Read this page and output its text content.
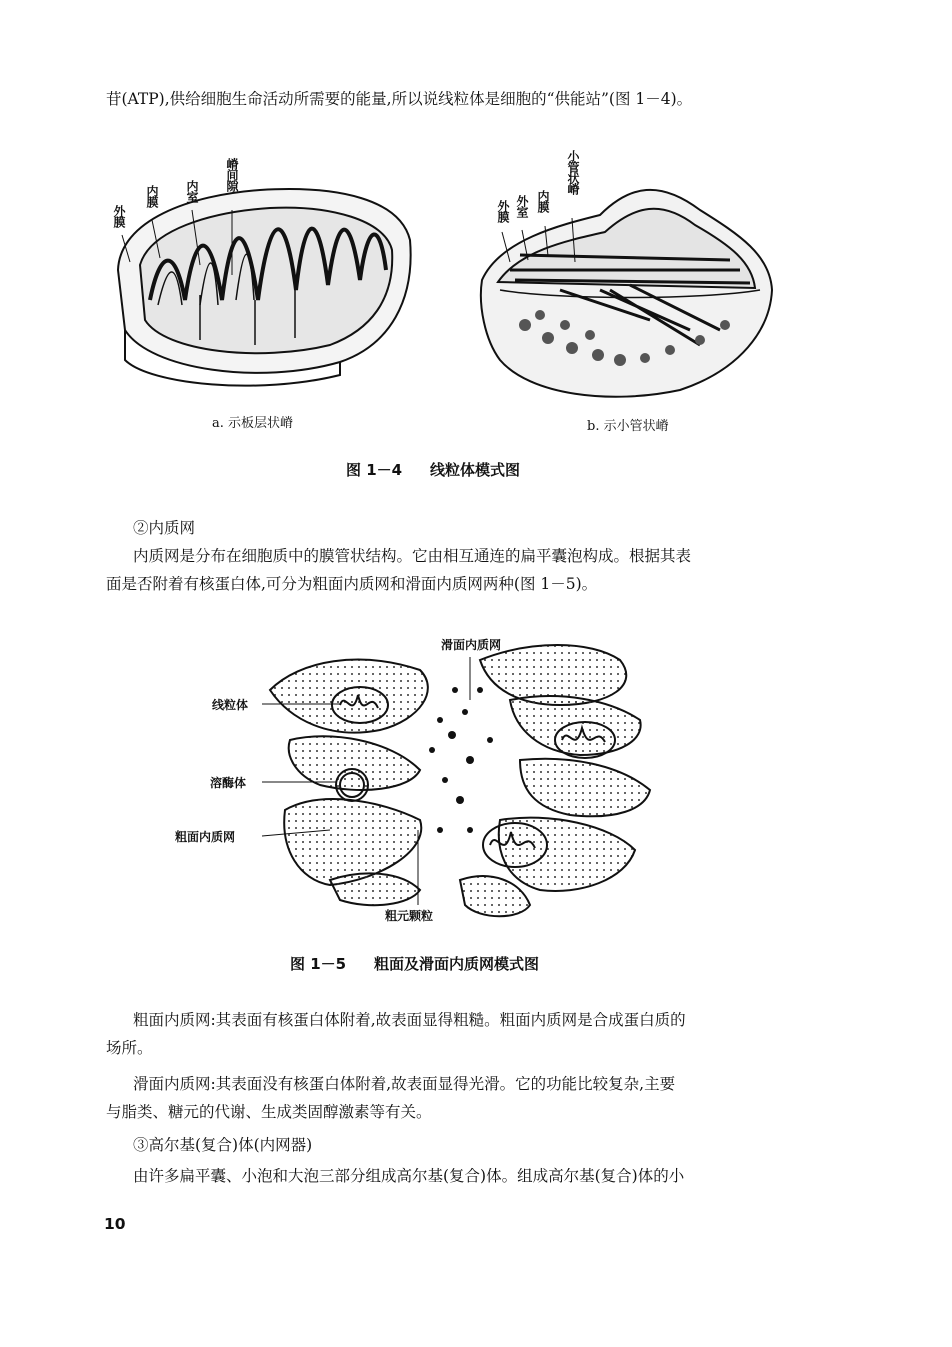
苷(ATP),供给细胞生命活动所需要的能量,所以说线粒体是细胞的“供能站”(图 1－4)。
外膜
内膜 内室 嵴间隙
a. 示板层状嵴
外膜 外室 内膜
小管状嵴
b. 示小管状嵴
图 1－4 线粒体模式图
②内质网
内质网是分布在细胞质中的膜管状结构。它由相互通连的扁平囊泡构成。根据其表
面是否附着有核蛋白体,可分为粗面内质网和滑面内质网两种(图 1－5)。
滑面内质网
线粒体
溶酶体
粗面内质网
粗元颗粒
图 1－5 粗面及滑面内质网模式图
粗面内质网:其表面有核蛋白体附着,故表面显得粗糙。粗面内质网是合成蛋白质的
场所。
滑面内质网:其表面没有核蛋白体附着,故表面显得光滑。它的功能比较复杂,主要
与脂类、糖元的代谢、生成类固醇激素等有关。
③高尔基(复合)体(内网器)
由许多扁平囊、小泡和大泡三部分组成高尔基(复合)体。组成高尔基(复合)体的小
10
